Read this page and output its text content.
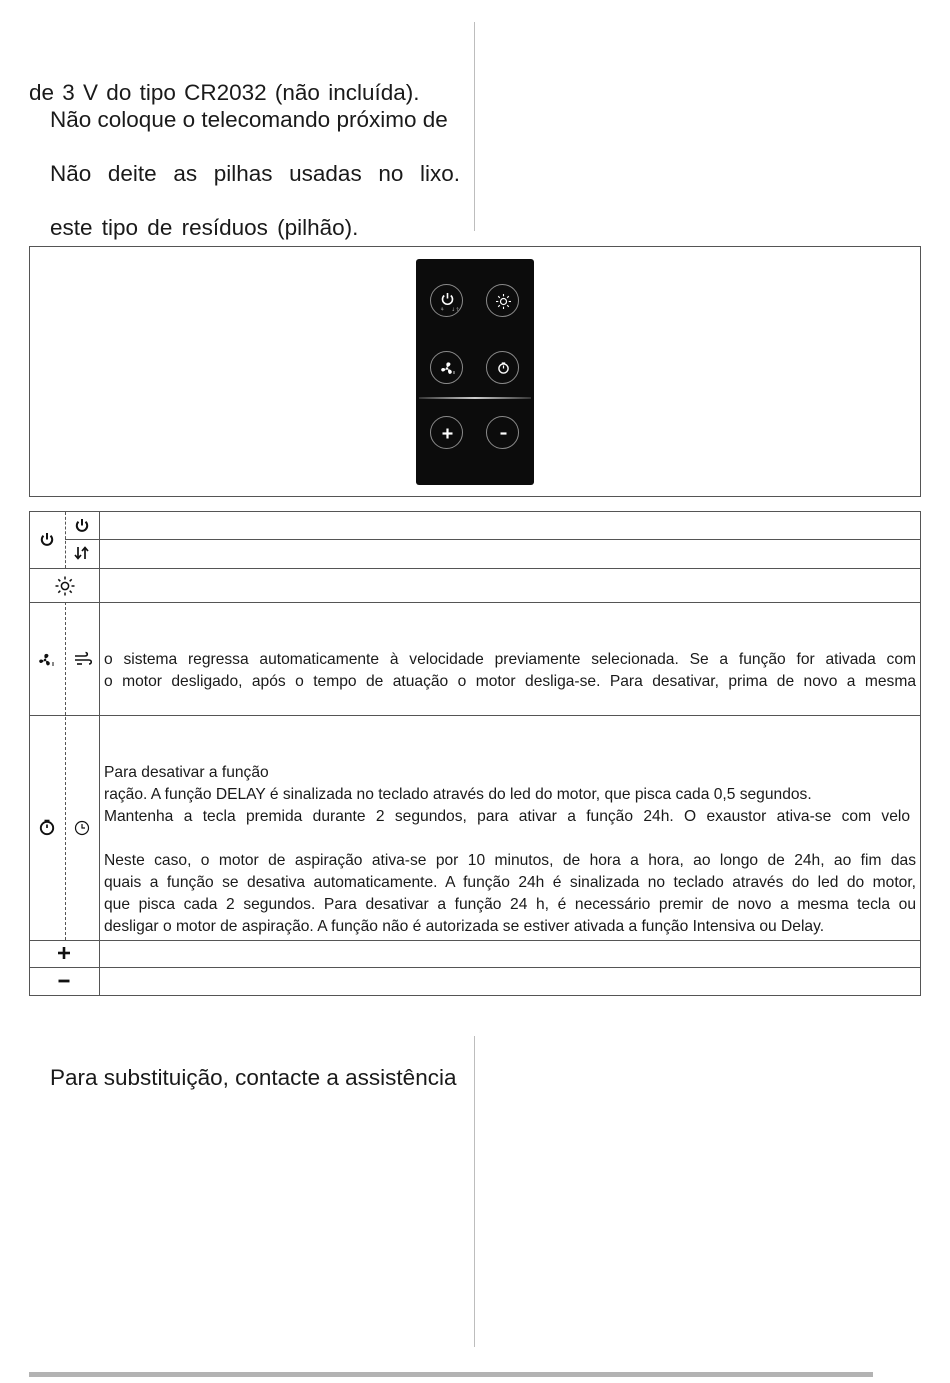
de 3 V do tipo CR2032 (não incluída).
Não coloque o telecomando próximo de
Não deite as pilhas usadas no lixo.
este tipo de resíduos (pilhão).
⚘ ↓↑
o sistema regressa automaticamente à velocidade previamente selecionada. Se a função for ativada com
o motor desligado, após o tempo de atuação o motor desliga-se. Para desativar, prima de novo a mesma
Para desativar a função
ração. A função DELAY é sinalizada no teclado através do led do motor, que pisca cada 0,5 segundos.
Mantenha a tecla premida durante 2 segundos, para ativar a função 24h. O exaustor ativa-se com velo
Neste caso, o motor de aspiração ativa-se por 10 minutos, de hora a hora, ao longo de 24h, ao fim das
quais a função se desativa automaticamente. A função 24h é sinalizada no teclado através do led do motor,
que pisca cada 2 segundos. Para desativar a função 24 h, é necessário premir de novo a mesma tecla ou
desligar o motor de aspiração. A função não é autorizada se estiver ativada a função Intensiva ou Delay.
Para substituição, contacte a assistência
